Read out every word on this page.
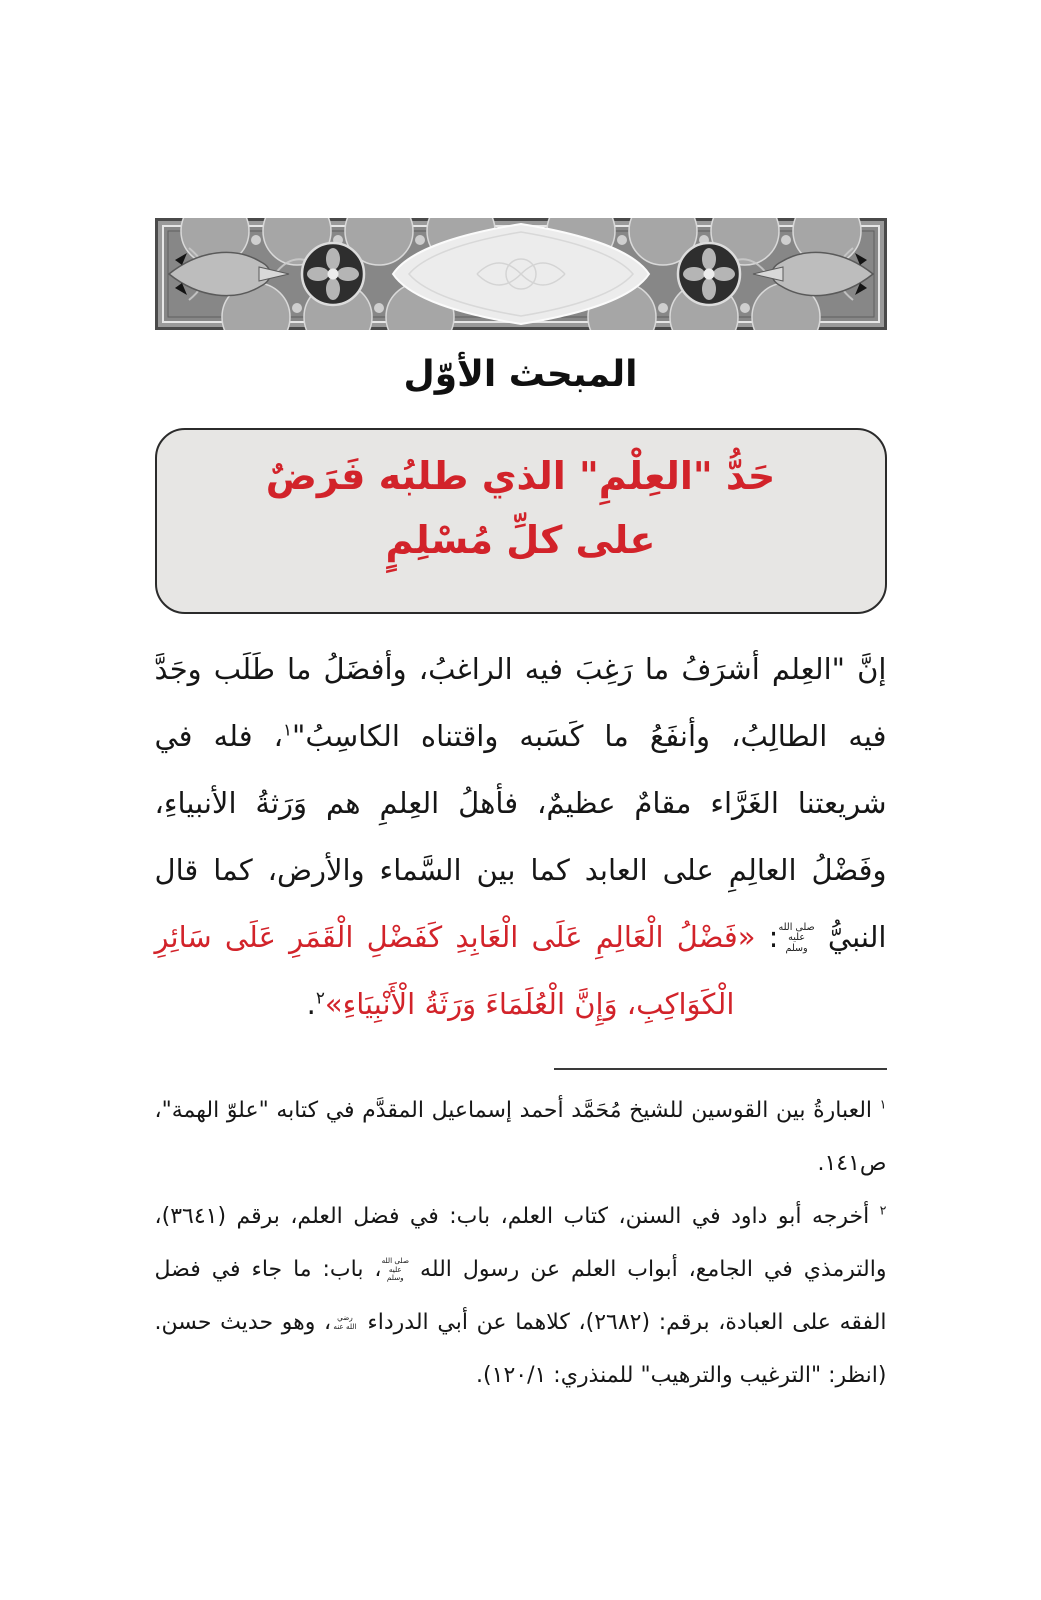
المبحث الأوّل
حَدُّ "العِلْمِ" الذي طلبُه فَرَضٌ
على كلِّ مُسْلِمٍ

إنَّ "العِلم أشرَفُ ما رَغِبَ فيه الراغبُ، وأفضَلُ ما طَلَب وجَدَّ فيه الطالِبُ، وأنفَعُ ما كَسَبه واقتناه الكاسِبُ"$^١$، فله في شريعتنا الغَرَّاء مقامٌ عظيمٌ، فأهلُ العِلمِ هم وَرَثةُ الأنبياءِ، وفَضْلُ العالِمِ على العابد كما بين السَّماء والأرض، كما قال النبيُّ صلى الله عليه وسلم: «فَضْلُ الْعَالِمِ عَلَى الْعَابِدِ كَفَضْلِ الْقَمَرِ عَلَى سَائِرِ الْكَوَاكِبِ، وَإِنَّ الْعُلَمَاءَ وَرَثَةُ الْأَنْبِيَاءِ»$^٢$.

$^١$ العبارةُ بين القوسين للشيخ مُحَمَّد أحمد إسماعيل المقدَّم في كتابه "علوّ الهمة"، ص١٤١.

$^٢$ أخرجه أبو داود في السنن، كتاب العلم، باب: في فضل العلم، برقم (٣٦٤١)، والترمذي في الجامع، أبواب العلم عن رسول الله صلى الله عليه وسلم، باب: ما جاء في فضل الفقه على العبادة، برقم: (٢٦٨٢)، كلاهما عن أبي الدرداء رضي الله عنه، وهو حديث حسن. (انظر: "الترغيب والترهيب" للمنذري: ١٢٠/١).
